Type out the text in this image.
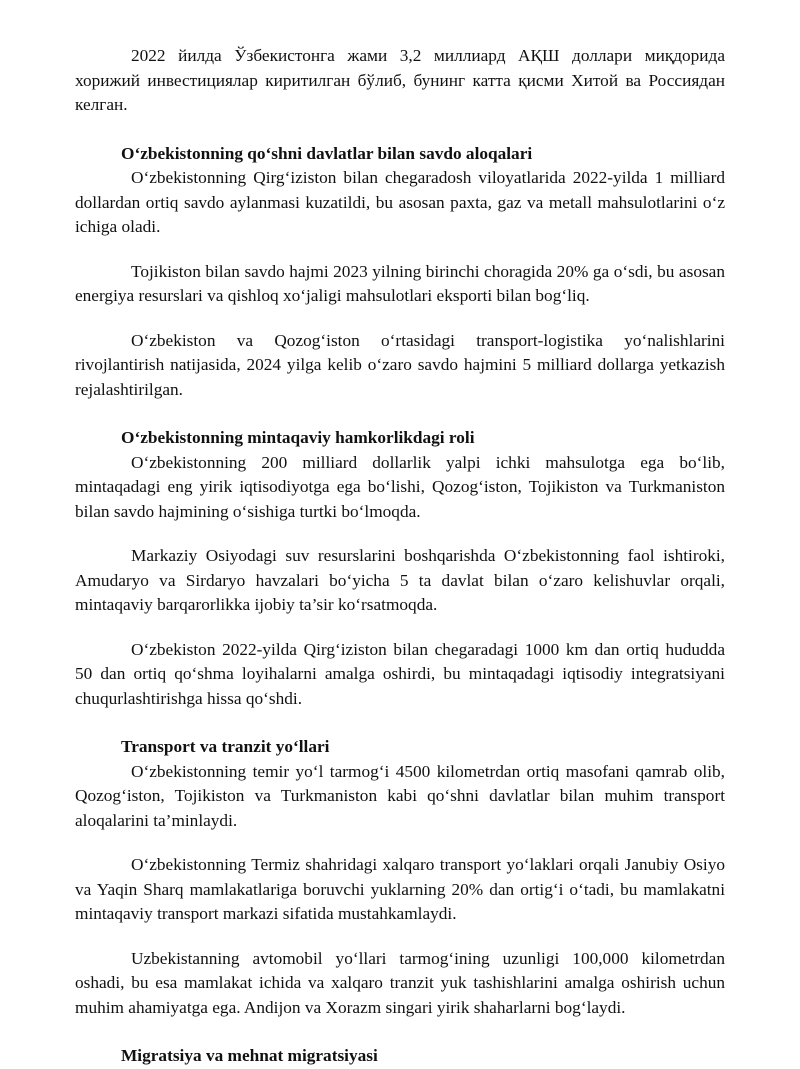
2022 йилда Ўзбекистонга жами 3,2 миллиард АҚШ доллари миқдорида хорижий инвестициялар киритилган бўлиб, бунинг катта қисми Хитой ва Россиядан келган.

O‘zbekistonning qo‘shni davlatlar bilan savdo aloqalari

O‘zbekistonning Qirg‘iziston bilan chegaradosh viloyatlarida 2022-yilda 1 milliard dollardan ortiq savdo aylanmasi kuzatildi, bu asosan paxta, gaz va metall mahsulotlarini o‘z ichiga oladi.

Tojikiston bilan savdo hajmi 2023 yilning birinchi choragida 20% ga o‘sdi, bu asosan energiya resurslari va qishloq xo‘jaligi mahsulotlari eksporti bilan bog‘liq.

O‘zbekiston va Qozog‘iston o‘rtasidagi transport-logistika yo‘nalishlarini rivojlantirish natijasida, 2024 yilga kelib o‘zaro savdo hajmini 5 milliard dollarga yetkazish rejalashtirilgan.

O‘zbekistonning mintaqaviy hamkorlikdagi roli

O‘zbekistonning 200 milliard dollarlik yalpi ichki mahsulotga ega bo‘lib, mintaqadagi eng yirik iqtisodiyotga ega bo‘lishi, Qozog‘iston, Tojikiston va Turkmaniston bilan savdo hajmining o‘sishiga turtki bo‘lmoqda.

Markaziy Osiyodagi suv resurslarini boshqarishda O‘zbekistonning faol ishtiroki, Amudaryo va Sirdaryo havzalari bo‘yicha 5 ta davlat bilan o‘zaro kelishuvlar orqali, mintaqaviy barqarorlikka ijobiy ta’sir ko‘rsatmoqda.

O‘zbekiston 2022-yilda Qirg‘iziston bilan chegaradagi 1000 km dan ortiq hududda 50 dan ortiq qo‘shma loyihalarni amalga oshirdi, bu mintaqadagi iqtisodiy integratsiyani chuqurlashtirishga hissa qo‘shdi.

Transport va tranzit yo‘llari

O‘zbekistonning temir yo‘l tarmog‘i 4500 kilometrdan ortiq masofani qamrab olib, Qozog‘iston, Tojikiston va Turkmaniston kabi qo‘shni davlatlar bilan muhim transport aloqalarini ta’minlaydi.

O‘zbekistonning Termiz shahridagi xalqaro transport yo‘laklari orqali Janubiy Osiyo va Yaqin Sharq mamlakatlariga boruvchi yuklarning 20% dan ortig‘i o‘tadi, bu mamlakatni mintaqaviy transport markazi sifatida mustahkamlaydi.

Uzbekistanning avtomobil yo‘llari tarmog‘ining uzunligi 100,000 kilometrdan oshadi, bu esa mamlakat ichida va xalqaro tranzit yuk tashishlarini amalga oshirish uchun muhim ahamiyatga ega. Andijon va Xorazm singari yirik shaharlarni bog‘laydi.

Migratsiya va mehnat migratsiyasi
